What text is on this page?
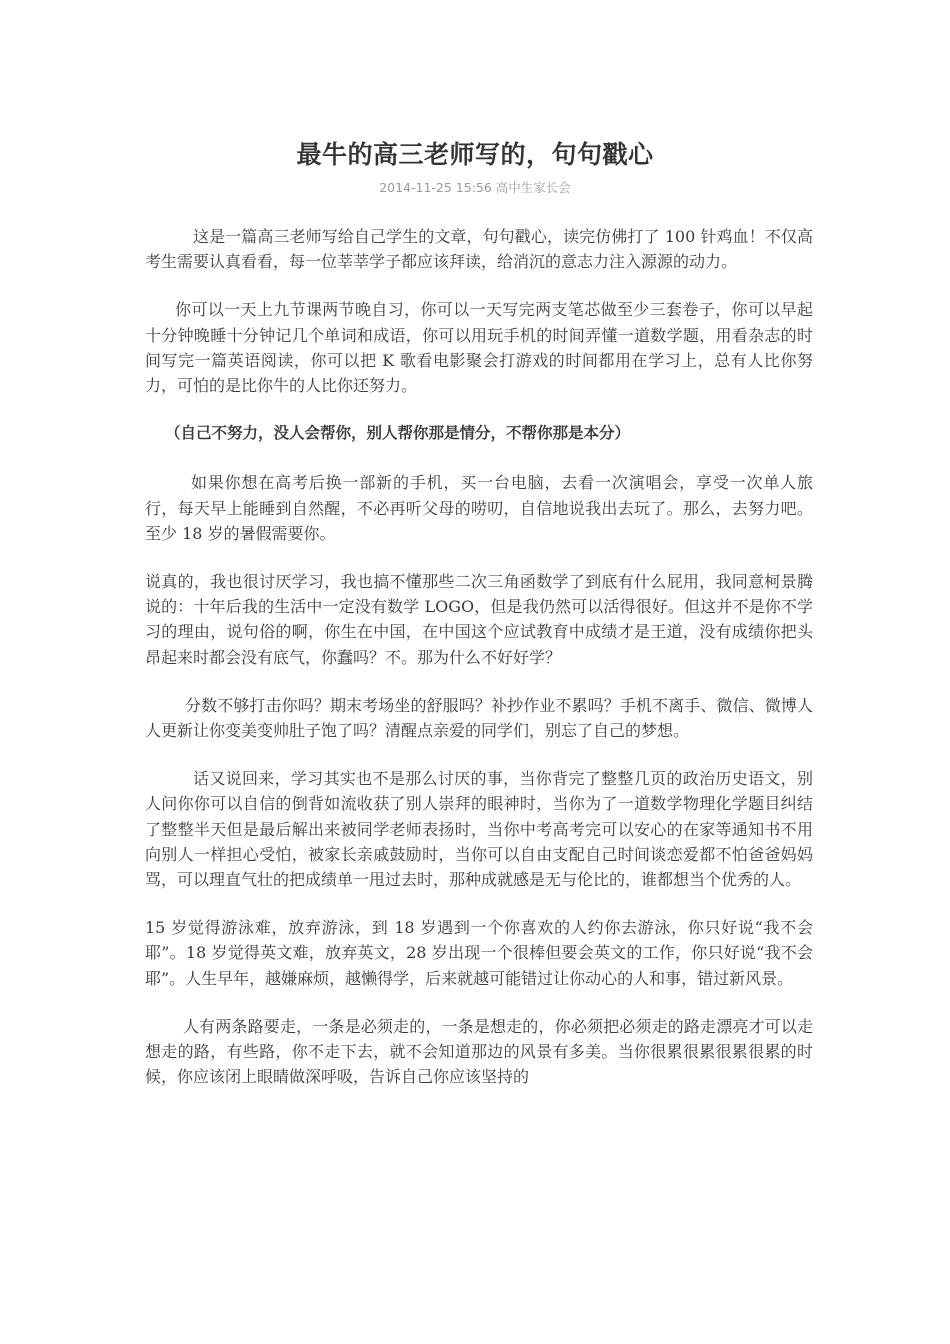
最牛的高三老师写的，句句戳心
2014-11-25 15:56 高中生家长会

这是一篇高三老师写给自己学生的文章，句句戳心，读完仿佛打了 100 针鸡血！不仅高考生需要认真看看，每一位莘莘学子都应该拜读，给消沉的意志力注入源源的动力。

你可以一天上九节课两节晚自习，你可以一天写完两支笔芯做至少三套卷子，你可以早起十分钟晚睡十分钟记几个单词和成语，你可以用玩手机的时间弄懂一道数学题，用看杂志的时间写完一篇英语阅读，你可以把 K 歌看电影聚会打游戏的时间都用在学习上，总有人比你努力，可怕的是比你牛的人比你还努力。

（自己不努力，没人会帮你，别人帮你那是情分，不帮你那是本分）

如果你想在高考后换一部新的手机，买一台电脑，去看一次演唱会，享受一次单人旅行，每天早上能睡到自然醒，不必再听父母的唠叨，自信地说我出去玩了。那么，去努力吧。至少 18 岁的暑假需要你。

说真的，我也很讨厌学习，我也搞不懂那些二次三角函数学了到底有什么屁用，我同意柯景腾说的：十年后我的生活中一定没有数学 LOGO，但是我仍然可以活得很好。但这并不是你不学习的理由，说句俗的啊，你生在中国，在中国这个应试教育中成绩才是王道，没有成绩你把头昂起来时都会没有底气，你蠢吗？不。那为什么不好好学？

分数不够打击你吗？期末考场坐的舒服吗？补抄作业不累吗？手机不离手、微信、微博人人更新让你变美变帅肚子饱了吗？清醒点亲爱的同学们，别忘了自己的梦想。

话又说回来，学习其实也不是那么讨厌的事，当你背完了整整几页的政治历史语文，别人问你你可以自信的倒背如流收获了别人崇拜的眼神时，当你为了一道数学物理化学题目纠结了整整半天但是最后解出来被同学老师表扬时，当你中考高考完可以安心的在家等通知书不用向别人一样担心受怕，被家长亲戚鼓励时，当你可以自由支配自己时间谈恋爱都不怕爸爸妈妈骂，可以理直气壮的把成绩单一甩过去时，那种成就感是无与伦比的，谁都想当个优秀的人。

15 岁觉得游泳难，放弃游泳，到 18 岁遇到一个你喜欢的人约你去游泳，你只好说“我不会耶”。18 岁觉得英文难，放弃英文，28 岁出现一个很棒但要会英文的工作，你只好说“我不会耶”。人生早年，越嫌麻烦，越懒得学，后来就越可能错过让你动心的人和事，错过新风景。

人有两条路要走，一条是必须走的，一条是想走的，你必须把必须走的路走漂亮才可以走想走的路，有些路，你不走下去，就不会知道那边的风景有多美。当你很累很累很累很累的时候，你应该闭上眼睛做深呼吸，告诉自己你应该坚持的
